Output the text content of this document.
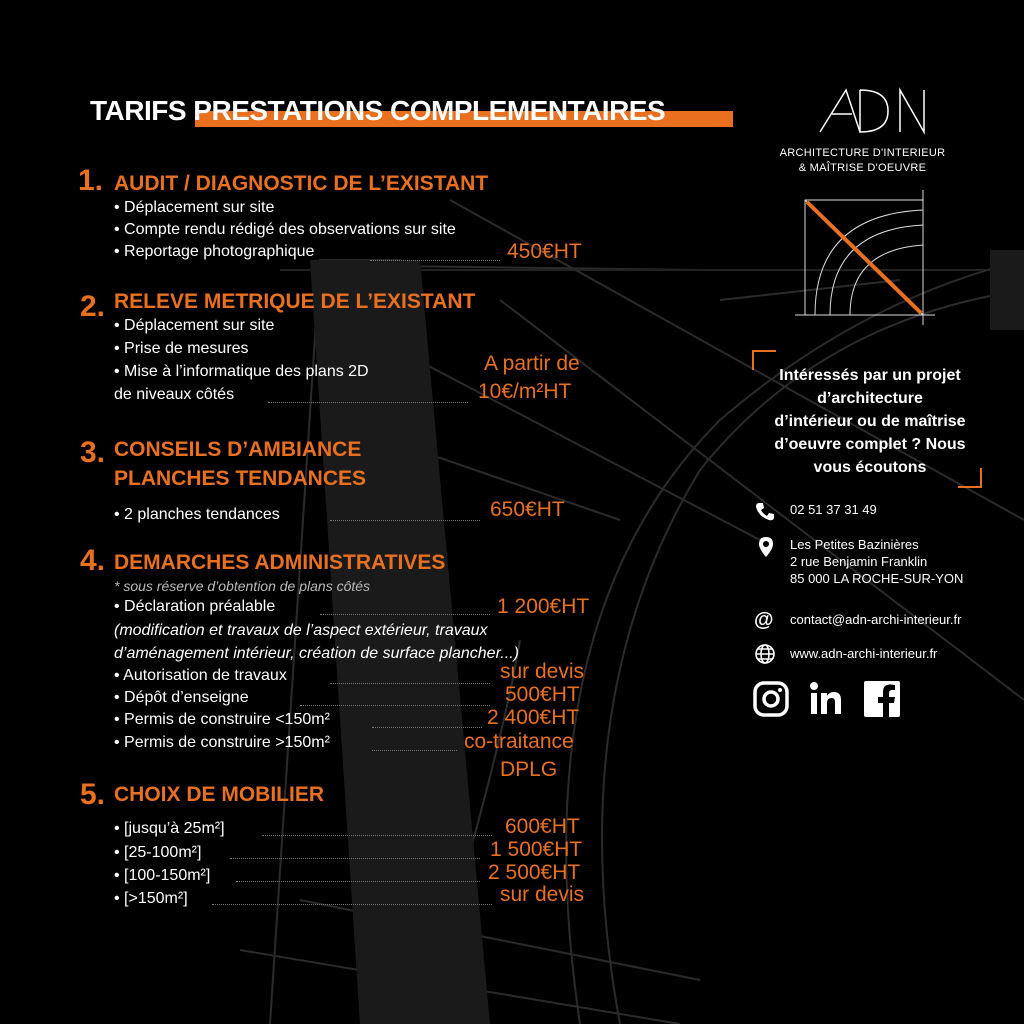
TARIFS PRESTATIONS COMPLEMENTAIRES
1. AUDIT / DIAGNOSTIC DE L’EXISTANT
• Déplacement sur site
• Compte rendu rédigé des observations sur site
• Reportage photographique	450€HT
2. RELEVE METRIQUE DE L’EXISTANT
• Déplacement sur site
• Prise de mesures
• Mise à l’informatique des plans 2D
de niveaux côtés
A partir de
10€/m²HT
3. CONSEILS D’AMBIANCE
PLANCHES TENDANCES
• 2 planches tendances	650€HT
4. DEMARCHES ADMINISTRATIVES
* sous réserve d’obtention de plans côtés
• Déclaration préalable	1 200€HT
(modification et travaux de l’aspect extérieur, travaux
d’aménagement intérieur, création de surface plancher...)
• Autorisation de travaux	sur devis
• Dépôt d’enseigne	500€HT
• Permis de construire <150m²	2 400€HT
• Permis de construire >150m²	co-traitance
DPLG
5. CHOIX DE MOBILIER
• [jusqu’à 25m²]	600€HT
• [25-100m²]	1 500€HT
• [100-150m²]	2 500€HT
• [>150m²]	sur devis
ARCHITECTURE D'INTERIEUR
& MAÎTRISE D'OEUVRE
Intéressés par un projet
d’architecture
d’intérieur ou de maîtrise
d’oeuvre complet ? Nous
vous écoutons
02 51 37 31 49
Les Petites Bazinières
2 rue Benjamin Franklin
85 000 LA ROCHE-SUR-YON
@ contact@adn-archi-interieur.fr
www.adn-archi-interieur.fr
